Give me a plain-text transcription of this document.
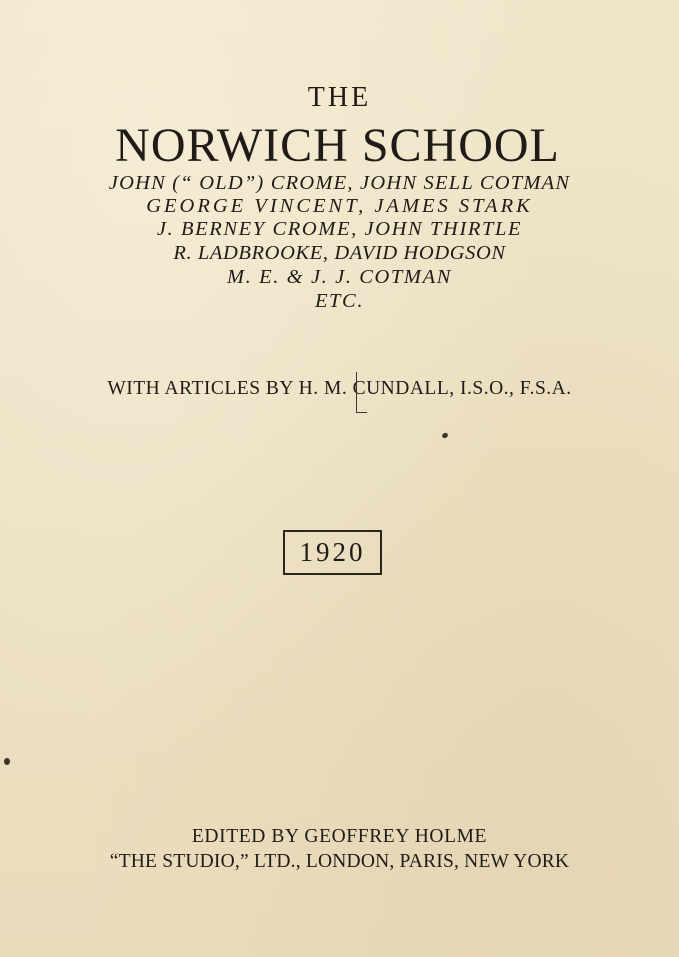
THE
NORWICH SCHOOL
JOHN (“ OLD”) CROME, JOHN SELL COTMAN
GEORGE VINCENT, JAMES STARK
J. BERNEY CROME, JOHN THIRTLE
R. LADBROOKE, DAVID HODGSON
M. E. & J. J. COTMAN
ETC.
WITH ARTICLES BY H. M. CUNDALL, I.S.O., F.S.A.
1920
EDITED BY GEOFFREY HOLME
“THE STUDIO,” LTD., LONDON, PARIS, NEW YORK
